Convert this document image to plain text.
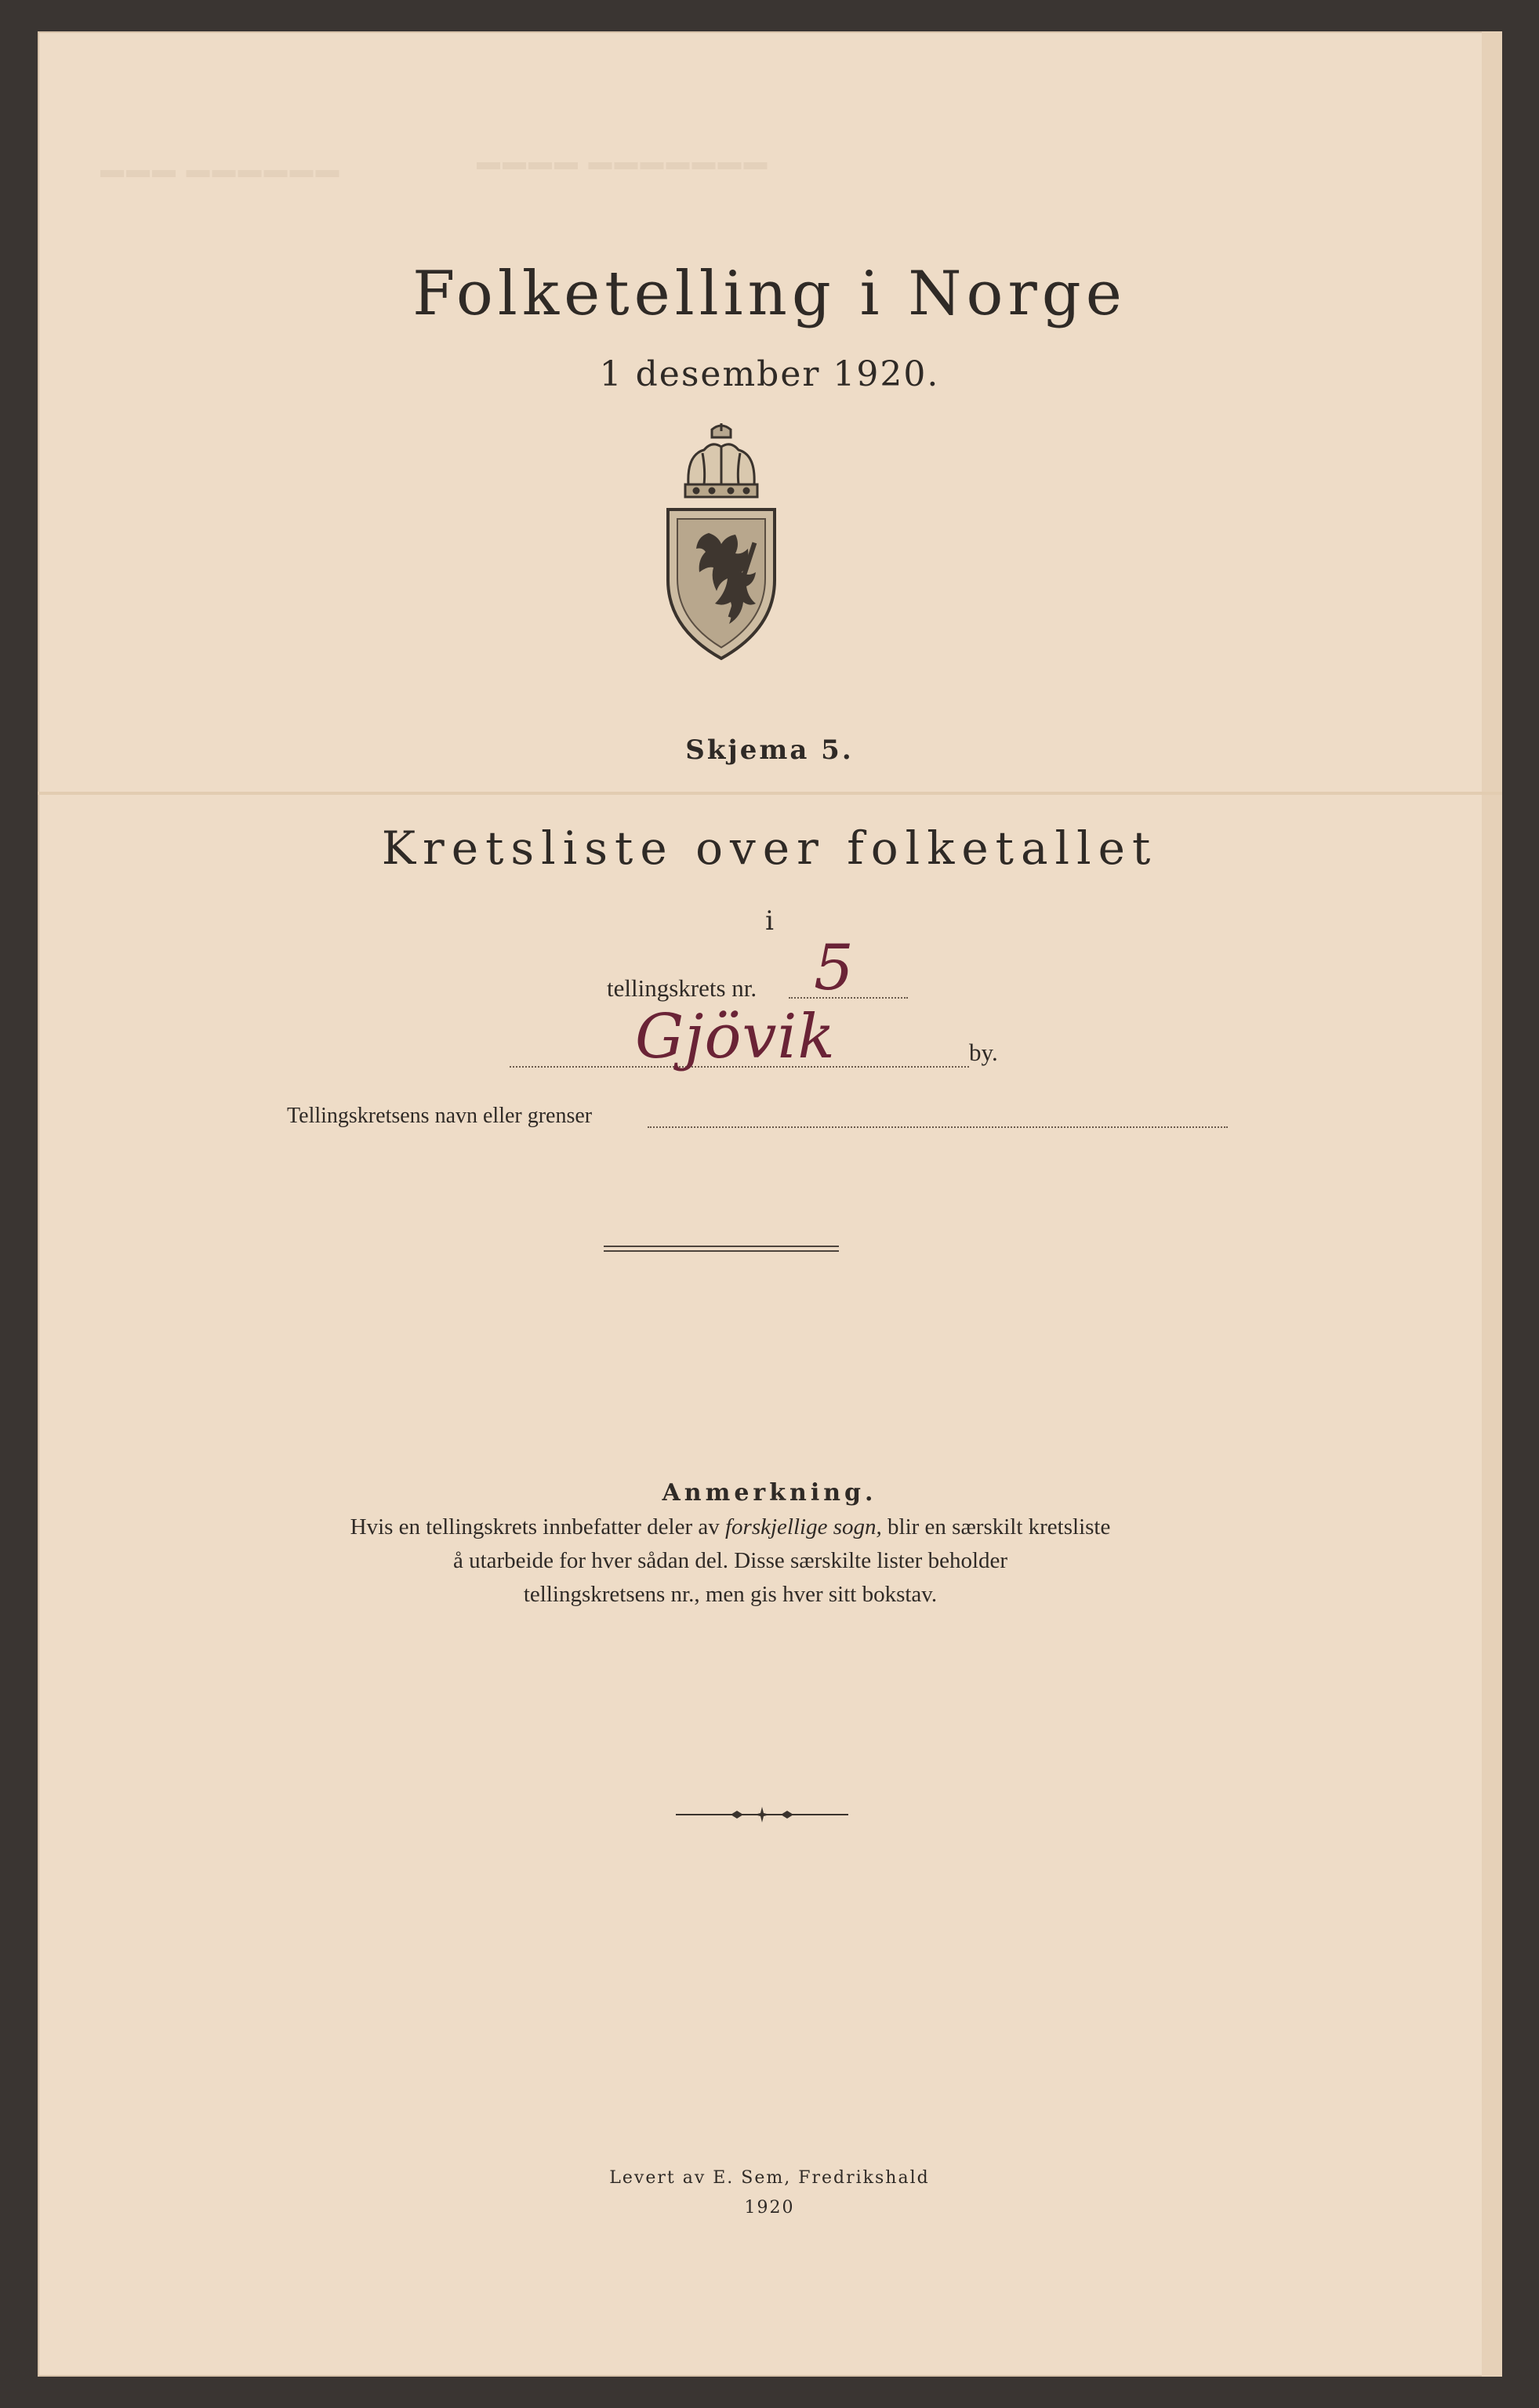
▬▬▬ ▬▬▬▬▬▬	▬▬▬▬ ▬▬▬▬▬▬▬
Folketelling i Norge
1 desember 1920.
Skjema 5.
Kretsliste over folketallet
i
tellingskrets nr. 5
Gjövik	by.
Tellingskretsens navn eller grenser
Anmerkning.
Hvis en tellingskrets innbefatter deler av forskjellige sogn, blir en særskilt kretsliste
å utarbeide for hver sådan del. Disse særskilte lister beholder
tellingskretsens nr., men gis hver sitt bokstav.
Levert av E. Sem, Fredrikshald
1920
